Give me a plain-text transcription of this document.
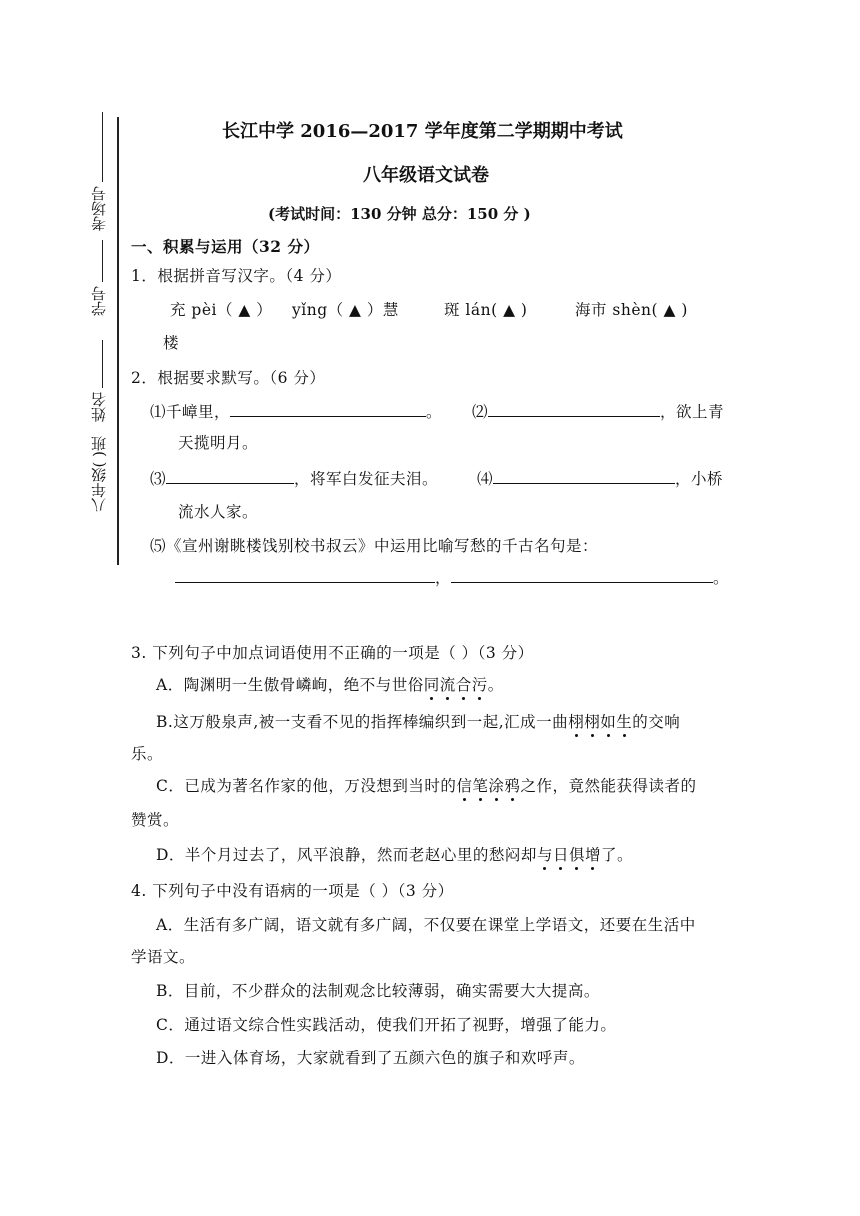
考场号
学号
姓名
八年级( )班
长江中学 2016—2017 学年度第二学期期中考试
八年级语文试卷
(考试时间：130 分钟 总分：150 分 )
一、积累与运用（32 分）
1．根据拼音写汉字。（4 分）
充 pèi（ ▲ ） yǐng（ ▲ ）慧	斑 lán( ▲ )	海市 shèn( ▲ )
楼
2．根据要求默写。（6 分）
⑴千嶂里，	。 ⑵	，欲上青
天揽明月。
⑶	，将军白发征夫泪。	⑷	，小桥
流水人家。
⑸《宣州谢眺楼饯别校书叔云》中运用比喻写愁的千古名句是：
，	。
3. 下列句子中加点词语使用不正确的一项是（ ）（3 分）
A．陶渊明一生傲骨嶙峋，绝不与世俗同流合污。
B.这万般泉声,被一支看不见的指挥棒编织到一起,汇成一曲栩栩如生的交响
乐。
C．已成为著名作家的他，万没想到当时的信笔涂鸦之作，竟然能获得读者的
赞赏。
D．半个月过去了，风平浪静，然而老赵心里的愁闷却与日俱增了。
4. 下列句子中没有语病的一项是（ ）（3 分）
A．生活有多广阔，语文就有多广阔，不仅要在课堂上学语文，还要在生活中
学语文。
B．目前，不少群众的法制观念比较薄弱，确实需要大大提高。
C．通过语文综合性实践活动，使我们开拓了视野，增强了能力。
D．一进入体育场，大家就看到了五颜六色的旗子和欢呼声。
